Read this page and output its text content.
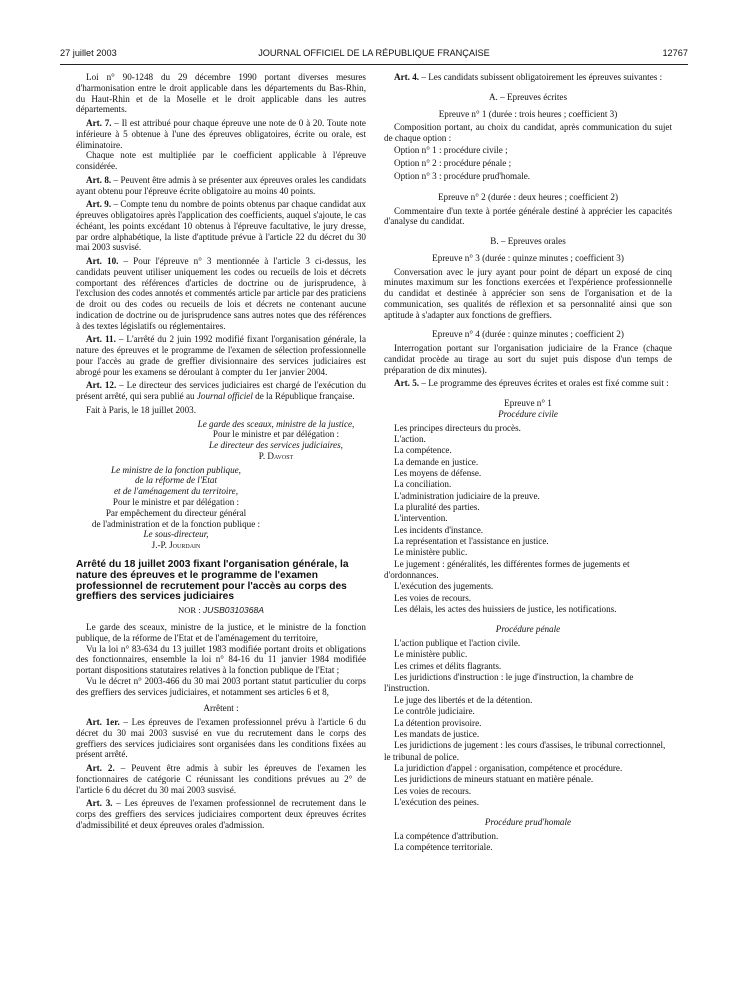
27 juillet 2003	JOURNAL OFFICIEL DE LA RÉPUBLIQUE FRANÇAISE	12767

Loi n° 90-1248 du 29 décembre 1990 portant diverses mesures d'harmonisation entre le droit applicable dans les départements du Bas-Rhin, du Haut-Rhin et de la Moselle et le droit applicable dans les autres départements.

Art. 7. – Il est attribué pour chaque épreuve une note de 0 à 20. Toute note inférieure à 5 obtenue à l'une des épreuves obligatoires, écrite ou orale, est éliminatoire.

Chaque note est multipliée par le coefficient applicable à l'épreuve considérée.

Art. 8. – Peuvent être admis à se présenter aux épreuves orales les candidats ayant obtenu pour l'épreuve écrite obligatoire au moins 40 points.

Art. 9. – Compte tenu du nombre de points obtenus par chaque candidat aux épreuves obligatoires après l'application des coefficients, auquel s'ajoute, le cas échéant, les points excédant 10 obtenus à l'épreuve facultative, le jury dresse, par ordre alphabétique, la liste d'aptitude prévue à l'article 22 du décret du 30 mai 2003 susvisé.

Art. 10. – Pour l'épreuve n° 3 mentionnée à l'article 3 ci-dessus, les candidats peuvent utiliser uniquement les codes ou recueils de lois et décrets comportant des références d'articles de doctrine ou de jurisprudence, à l'exclusion des codes annotés et commentés article par article par des praticiens de droit ou des codes ou recueils de lois et décrets ne contenant aucune indication de doctrine ou de jurisprudence sans autres notes que des références à des textes législatifs ou réglementaires.

Art. 11. – L'arrêté du 2 juin 1992 modifié fixant l'organisation générale, la nature des épreuves et le programme de l'examen de sélection professionnelle pour l'accès au grade de greffier divisionnaire des services judiciaires est abrogé pour les examens se déroulant à compter du 1er janvier 2004.

Art. 12. – Le directeur des services judiciaires est chargé de l'exécution du présent arrêté, qui sera publié au Journal officiel de la République française.

Fait à Paris, le 18 juillet 2003.

Le garde des sceaux, ministre de la justice,

Pour le ministre et par délégation :

Le directeur des services judiciaires,

P. Davost

Le ministre de la fonction publique,

de la réforme de l'Etat

et de l'aménagement du territoire,

Pour le ministre et par délégation :

Par empêchement du directeur général

de l'administration et de la fonction publique :

Le sous-directeur,

J.-P. Jourdain

Arrêté du 18 juillet 2003 fixant l'organisation générale, la nature des épreuves et le programme de l'examen professionnel de recrutement pour l'accès au corps des greffiers des services judiciaires

NOR : JUSB0310368A

Le garde des sceaux, ministre de la justice, et le ministre de la fonction publique, de la réforme de l'Etat et de l'aménagement du territoire,

Vu la loi n° 83-634 du 13 juillet 1983 modifiée portant droits et obligations des fonctionnaires, ensemble la loi n° 84-16 du 11 janvier 1984 modifiée portant dispositions statutaires relatives à la fonction publique de l'Etat ;

Vu le décret n° 2003-466 du 30 mai 2003 portant statut particulier du corps des greffiers des services judiciaires, et notamment ses articles 6 et 8,

Arrêtent :

Art. 1er. – Les épreuves de l'examen professionnel prévu à l'article 6 du décret du 30 mai 2003 susvisé en vue du recrutement dans le corps des greffiers des services judiciaires sont organisées dans les conditions fixées au présent arrêté.

Art. 2. – Peuvent être admis à subir les épreuves de l'examen les fonctionnaires de catégorie C réunissant les conditions prévues au 2° de l'article 6 du décret du 30 mai 2003 susvisé.

Art. 3. – Les épreuves de l'examen professionnel de recrutement dans le corps des greffiers des services judiciaires comportent deux épreuves écrites d'admissibilité et deux épreuves orales d'admission.

Art. 4. – Les candidats subissent obligatoirement les épreuves suivantes :

A. – Epreuves écrites

Epreuve n° 1 (durée : trois heures ; coefficient 3)

Composition portant, au choix du candidat, après communication du sujet de chaque option :

Option n° 1 : procédure civile ;

Option n° 2 : procédure pénale ;

Option n° 3 : procédure prud'homale.

Epreuve n° 2 (durée : deux heures ; coefficient 2)

Commentaire d'un texte à portée générale destiné à apprécier les capacités d'analyse du candidat.

B. – Epreuves orales

Epreuve n° 3 (durée : quinze minutes ; coefficient 3)

Conversation avec le jury ayant pour point de départ un exposé de cinq minutes maximum sur les fonctions exercées et l'expérience professionnelle du candidat et destinée à apprécier son sens de l'organisation et de la communication, ses qualités de réflexion et sa personnalité ainsi que son aptitude à s'adapter aux fonctions de greffiers.

Epreuve n° 4 (durée : quinze minutes ; coefficient 2)

Interrogation portant sur l'organisation judiciaire de la France (chaque candidat procède au tirage au sort du sujet puis dispose d'un temps de préparation de dix minutes).

Art. 5. – Le programme des épreuves écrites et orales est fixé comme suit :

Epreuve n° 1

Procédure civile

Les principes directeurs du procès.

L'action.

La compétence.

La demande en justice.

Les moyens de défense.

La conciliation.

L'administration judiciaire de la preuve.

La pluralité des parties.

L'intervention.

Les incidents d'instance.

La représentation et l'assistance en justice.

Le ministère public.

Le jugement : généralités, les différentes formes de jugements et d'ordonnances.

L'exécution des jugements.

Les voies de recours.

Les délais, les actes des huissiers de justice, les notifications.

Procédure pénale

L'action publique et l'action civile.

Le ministère public.

Les crimes et délits flagrants.

Les juridictions d'instruction : le juge d'instruction, la chambre de l'instruction.

Le juge des libertés et de la détention.

Le contrôle judiciaire.

La détention provisoire.

Les mandats de justice.

Les juridictions de jugement : les cours d'assises, le tribunal correctionnel, le tribunal de police.

La juridiction d'appel : organisation, compétence et procédure.

Les juridictions de mineurs statuant en matière pénale.

Les voies de recours.

L'exécution des peines.

Procédure prud'homale

La compétence d'attribution.

La compétence territoriale.
